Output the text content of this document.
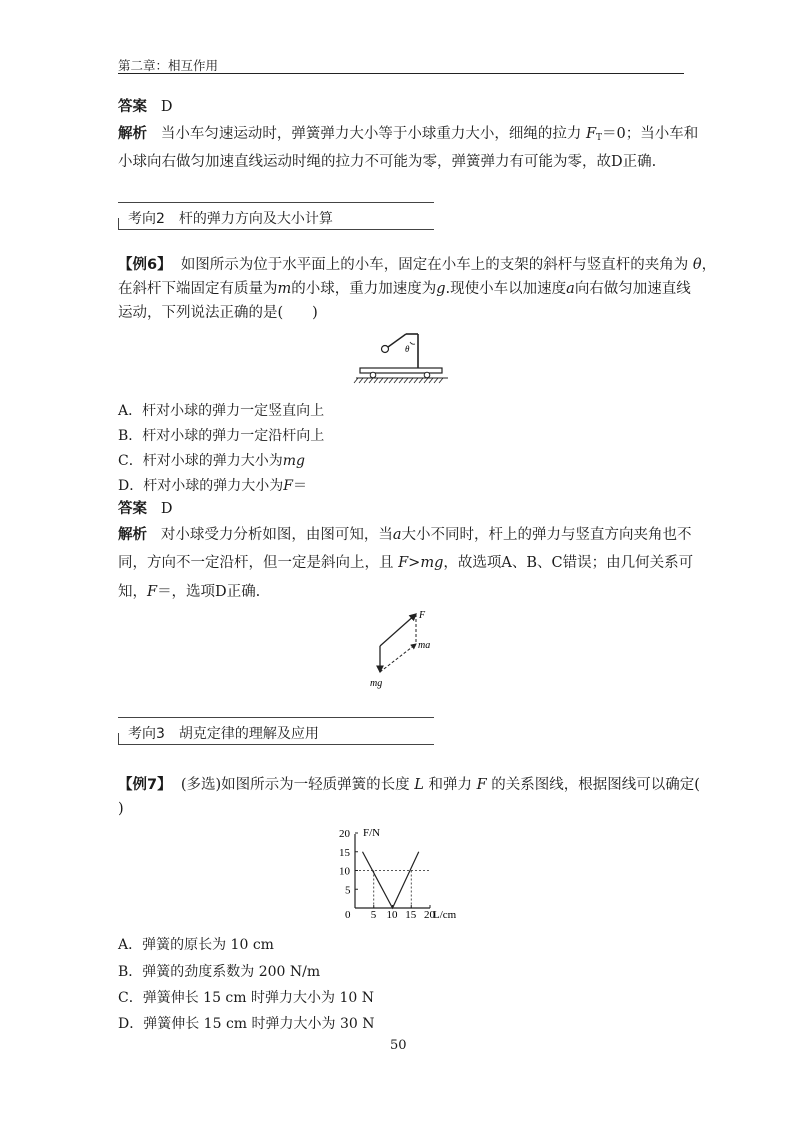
第二章：相互作用
答案 D
解析 当小车匀速运动时，弹簧弹力大小等于小球重力大小，细绳的拉力 $F_T=0$；当小车和
小球向右做匀加速直线运动时绳的拉力不可能为零，弹簧弹力有可能为零，故D正确.
考向2　杆的弹力方向及大小计算
【例6】 如图所示为位于水平面上的小车，固定在小车上的支架的斜杆与竖直杆的夹角为 θ，
在斜杆下端固定有质量为m的小球，重力加速度为g.现使小车以加速度a向右做匀加速直线
运动，下列说法正确的是(　　)
θ
A．杆对小球的弹力一定竖直向上
B．杆对小球的弹力一定沿杆向上
C．杆对小球的弹力大小为mg
D．杆对小球的弹力大小为F＝
答案 D
解析 对小球受力分析如图，由图可知，当a大小不同时，杆上的弹力与竖直方向夹角也不
同，方向不一定沿杆，但一定是斜向上，且 F>mg，故选项A、B、C错误；由几何关系可
知，F＝，选项D正确.
F
ma
mg
考向3　胡克定律的理解及应用
【例7】 (多选)如图所示为一轻质弹簧的长度 L 和弹力 F 的关系图线，根据图线可以确定(
)
F/N
L/cm
0 5 10 15 20
5
10
15
20
A．弹簧的原长为 10 cm
B．弹簧的劲度系数为 200 N/m
C．弹簧伸长 15 cm 时弹力大小为 10 N
D．弹簧伸长 15 cm 时弹力大小为 30 N
50
